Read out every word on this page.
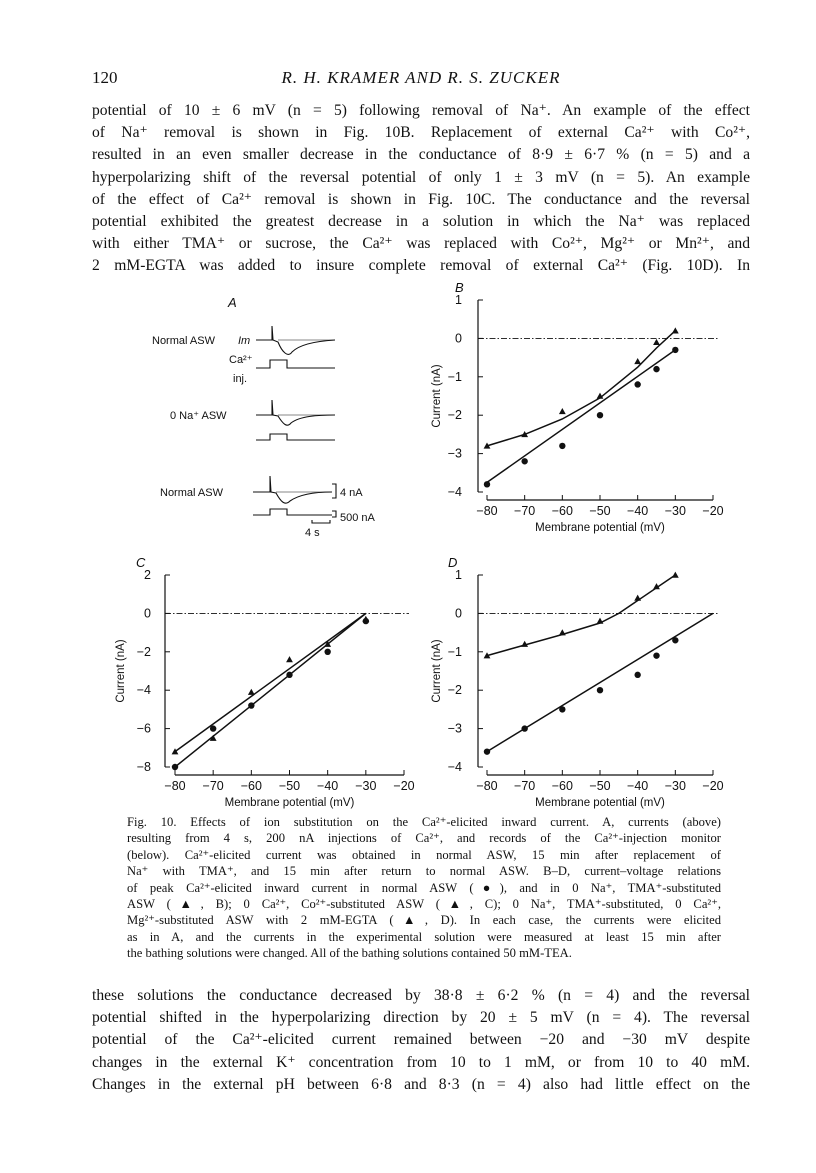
120	R. H. KRAMER AND R. S. ZUCKER
potential of 10 ± 6 mV (n = 5) following removal of Na⁺. An example of the effect
of Na⁺ removal is shown in Fig. 10B. Replacement of external Ca²⁺ with Co²⁺,
resulted in an even smaller decrease in the conductance of 8·9 ± 6·7 % (n = 5) and a
hyperpolarizing shift of the reversal potential of only 1 ± 3 mV (n = 5). An example
of the effect of Ca²⁺ removal is shown in Fig. 10C. The conductance and the reversal
potential exhibited the greatest decrease in a solution in which the Na⁺ was replaced
with either TMA⁺ or sucrose, the Ca²⁺ was replaced with Co²⁺, Mg²⁺ or Mn²⁺, and
2 mM-EGTA was added to insure complete removal of external Ca²⁺ (Fig. 10D). In
A
Normal ASW Im
Ca²⁺
inj.
0 Na⁺ ASW
Normal ASW	4 nA
500 nA
4 s
B
1
0
−1
−2
−3
−4
−80 −70 −60 −50 −40 −30 −20
Membrane potential (mV)
Current (nA)
C
2
0
−2
−4
−6
−8
−80 −70 −60 −50 −40 −30 −20
Membrane potential (mV)
Current (nA)
D
1
0
−1
−2
−3
−4
−80 −70 −60 −50 −40 −30 −20
Membrane potential (mV)
Current (nA)
Fig. 10. Effects of ion substitution on the Ca²⁺-elicited inward current. A, currents (above)
resulting from 4 s, 200 nA injections of Ca²⁺, and records of the Ca²⁺-injection monitor
(below). Ca²⁺-elicited current was obtained in normal ASW, 15 min after replacement of
Na⁺ with TMA⁺, and 15 min after return to normal ASW. B–D, current–voltage relations
of peak Ca²⁺-elicited inward current in normal ASW (●), and in 0 Na⁺, TMA⁺-substituted
ASW (▲, B); 0 Ca²⁺, Co²⁺-substituted ASW (▲, C); 0 Na⁺, TMA⁺-substituted, 0 Ca²⁺,
Mg²⁺-substituted ASW with 2 mM-EGTA (▲, D). In each case, the currents were elicited
as in A, and the currents in the experimental solution were measured at least 15 min after
the bathing solutions were changed. All of the bathing solutions contained 50 mM-TEA.
these solutions the conductance decreased by 38·8 ± 6·2 % (n = 4) and the reversal
potential shifted in the hyperpolarizing direction by 20 ± 5 mV (n = 4). The reversal
potential of the Ca²⁺-elicited current remained between −20 and −30 mV despite
changes in the external K⁺ concentration from 10 to 1 mM, or from 10 to 40 mM.
Changes in the external pH between 6·8 and 8·3 (n = 4) also had little effect on the
